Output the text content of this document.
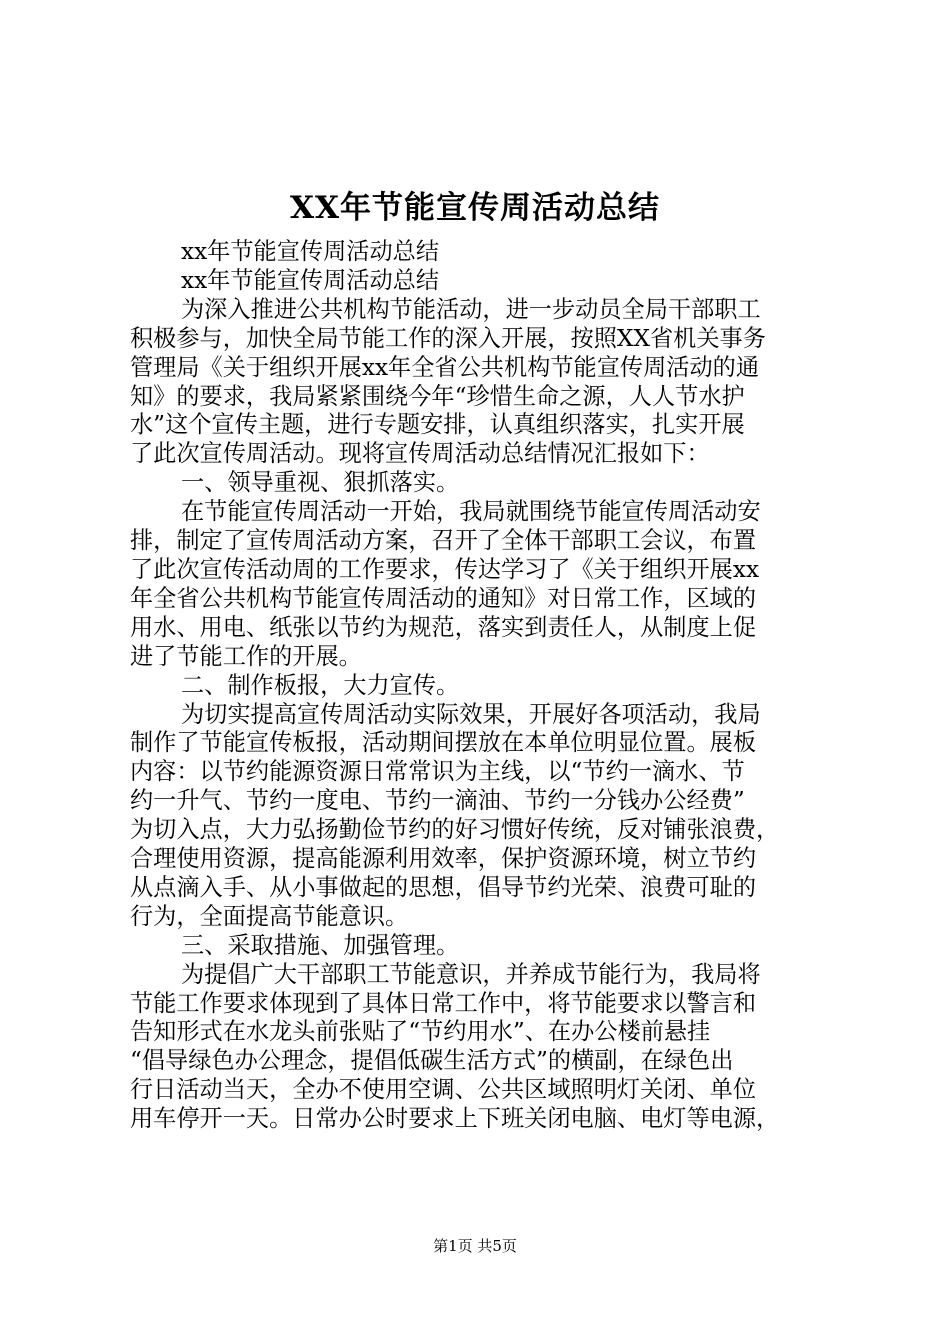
XX年节能宣传周活动总结

xx年节能宣传周活动总结

xx年节能宣传周活动总结

为深入推进公共机构节能活动，进一步动员全局干部职工

积极参与，加快全局节能工作的深入开展，按照XX省机关事务

管理局《关于组织开展xx年全省公共机构节能宣传周活动的通

知》的要求，我局紧紧围绕今年“珍惜生命之源，人人节水护

水”这个宣传主题，进行专题安排，认真组织落实，扎实开展

了此次宣传周活动。现将宣传周活动总结情况汇报如下：

一、领导重视、狠抓落实。

在节能宣传周活动一开始，我局就围绕节能宣传周活动安

排，制定了宣传周活动方案，召开了全体干部职工会议，布置

了此次宣传活动周的工作要求，传达学习了《关于组织开展xx

年全省公共机构节能宣传周活动的通知》对日常工作，区域的

用水、用电、纸张以节约为规范，落实到责任人，从制度上促

进了节能工作的开展。

二、制作板报，大力宣传。

为切实提高宣传周活动实际效果，开展好各项活动，我局

制作了节能宣传板报，活动期间摆放在本单位明显位置。展板

内容：以节约能源资源日常常识为主线，以“节约一滴水、节

约一升气、节约一度电、节约一滴油、节约一分钱办公经费”

为切入点，大力弘扬勤俭节约的好习惯好传统，反对铺张浪费，

合理使用资源，提高能源利用效率，保护资源环境，树立节约

从点滴入手、从小事做起的思想，倡导节约光荣、浪费可耻的

行为，全面提高节能意识。

三、采取措施、加强管理。

为提倡广大干部职工节能意识，并养成节能行为，我局将

节能工作要求体现到了具体日常工作中，将节能要求以警言和

告知形式在水龙头前张贴了“节约用水”、在办公楼前悬挂

“倡导绿色办公理念，提倡低碳生活方式”的横副，在绿色出

行日活动当天，全办不使用空调、公共区域照明灯关闭、单位

用车停开一天。日常办公时要求上下班关闭电脑、电灯等电源，

第1页 共5页
